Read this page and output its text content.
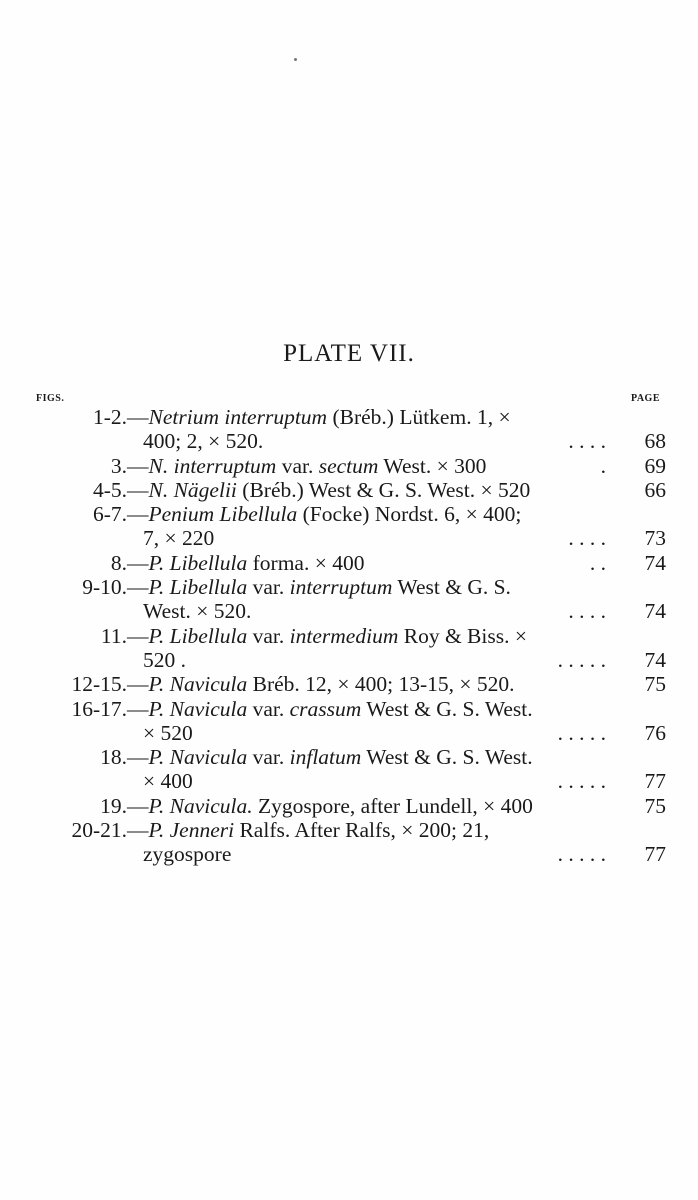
PLATE VII.
FIGS.	PAGE
1-2. —Netrium interruptum (Bréb.) Lütkem. 1, ×
400; 2, × 520.	. . . . 68
3. —N. interruptum var. sectum West. × 300	. 69
4-5. —N. Nägelii (Bréb.) West & G. S. West. × 520	66
6-7. —Penium Libellula (Focke) Nordst. 6, × 400;
7, × 220	. . . . 73
8. —P. Libellula forma. × 400	. . 74
9-10. —P. Libellula var. interruptum West & G. S.
West. × 520.	. . . . 74
11. —P. Libellula var. intermedium Roy & Biss. ×
520 .	. . . . . 74
12-15. —P. Navicula Bréb. 12, × 400; 13-15, × 520.	75
16-17. —P. Navicula var. crassum West & G. S. West.
× 520	. . . . . 76
18. —P. Navicula var. inflatum West & G. S. West.
× 400	. . . . . 77
19. —P. Navicula. Zygospore, after Lundell, × 400	75
20-21. —P. Jenneri Ralfs. After Ralfs, × 200; 21,
zygospore	. . . . . 77
